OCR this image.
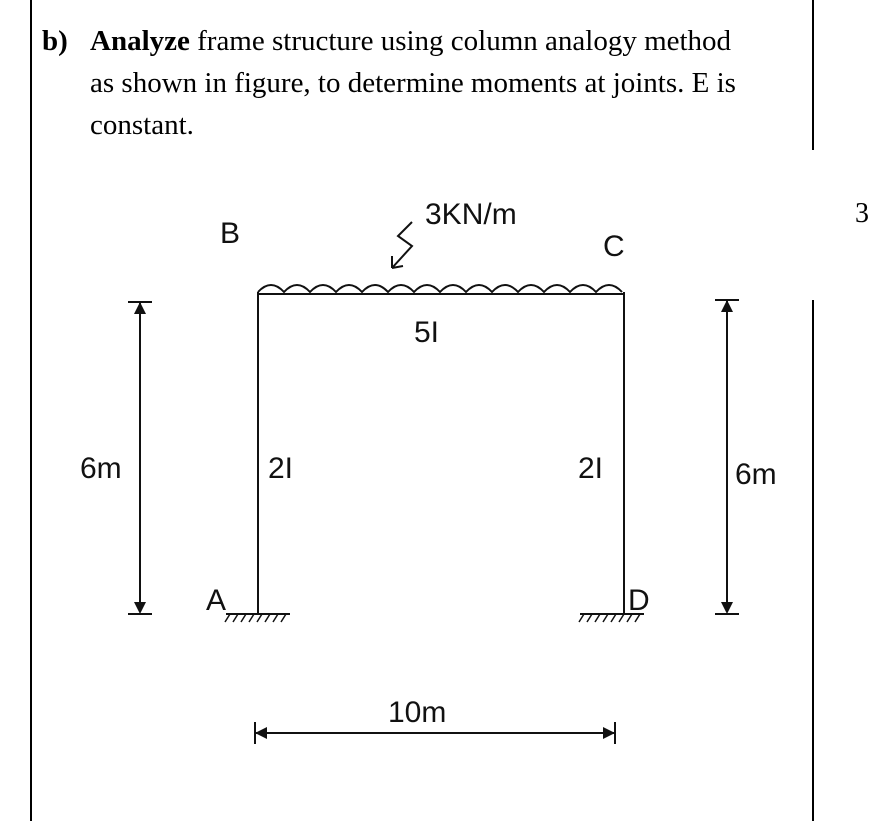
b) Analyze frame structure using column analogy method
as shown in figure, to determine moments at joints. E is
constant.
3
B	C
A	D
3KN/m
5I
2I	2I
6m	6m
10m
